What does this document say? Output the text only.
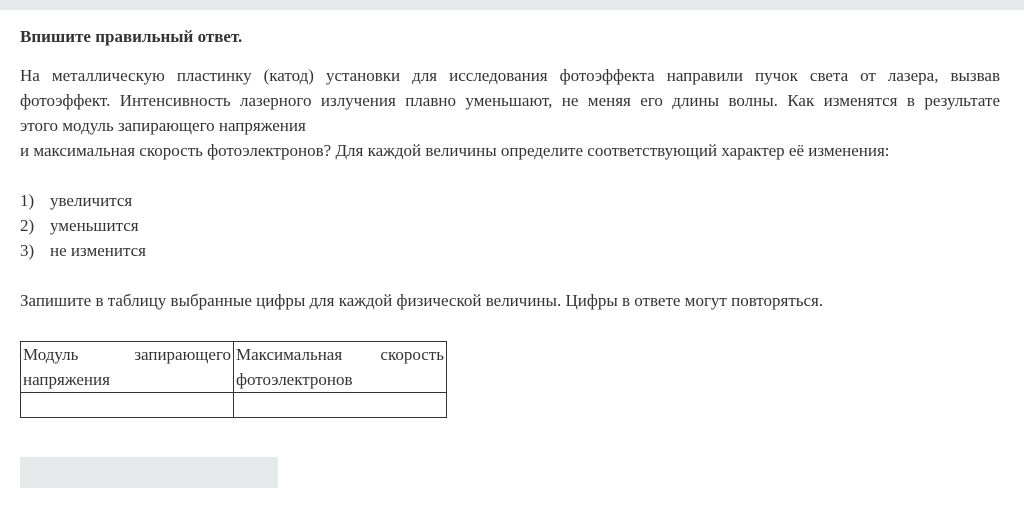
Впишите правильный ответ.

На металлическую пластинку (катод) установки для исследования фотоэффекта направили пучок света от лазера, вызвав
фотоэффект. Интенсивность лазерного излучения плавно уменьшают, не меняя его длины волны. Как изменятся в результате
этого модуль запирающего напряжения
и максимальная скорость фотоэлектронов? Для каждой величины определите соответствующий характер её изменения:

1) увеличится
2) уменьшится
3) не изменится

Запишите в таблицу выбранные цифры для каждой физической величины. Цифры в ответе могут повторяться.

Модуль запирающего
напряжения	Максимальная скорость
фотоэлектронов
